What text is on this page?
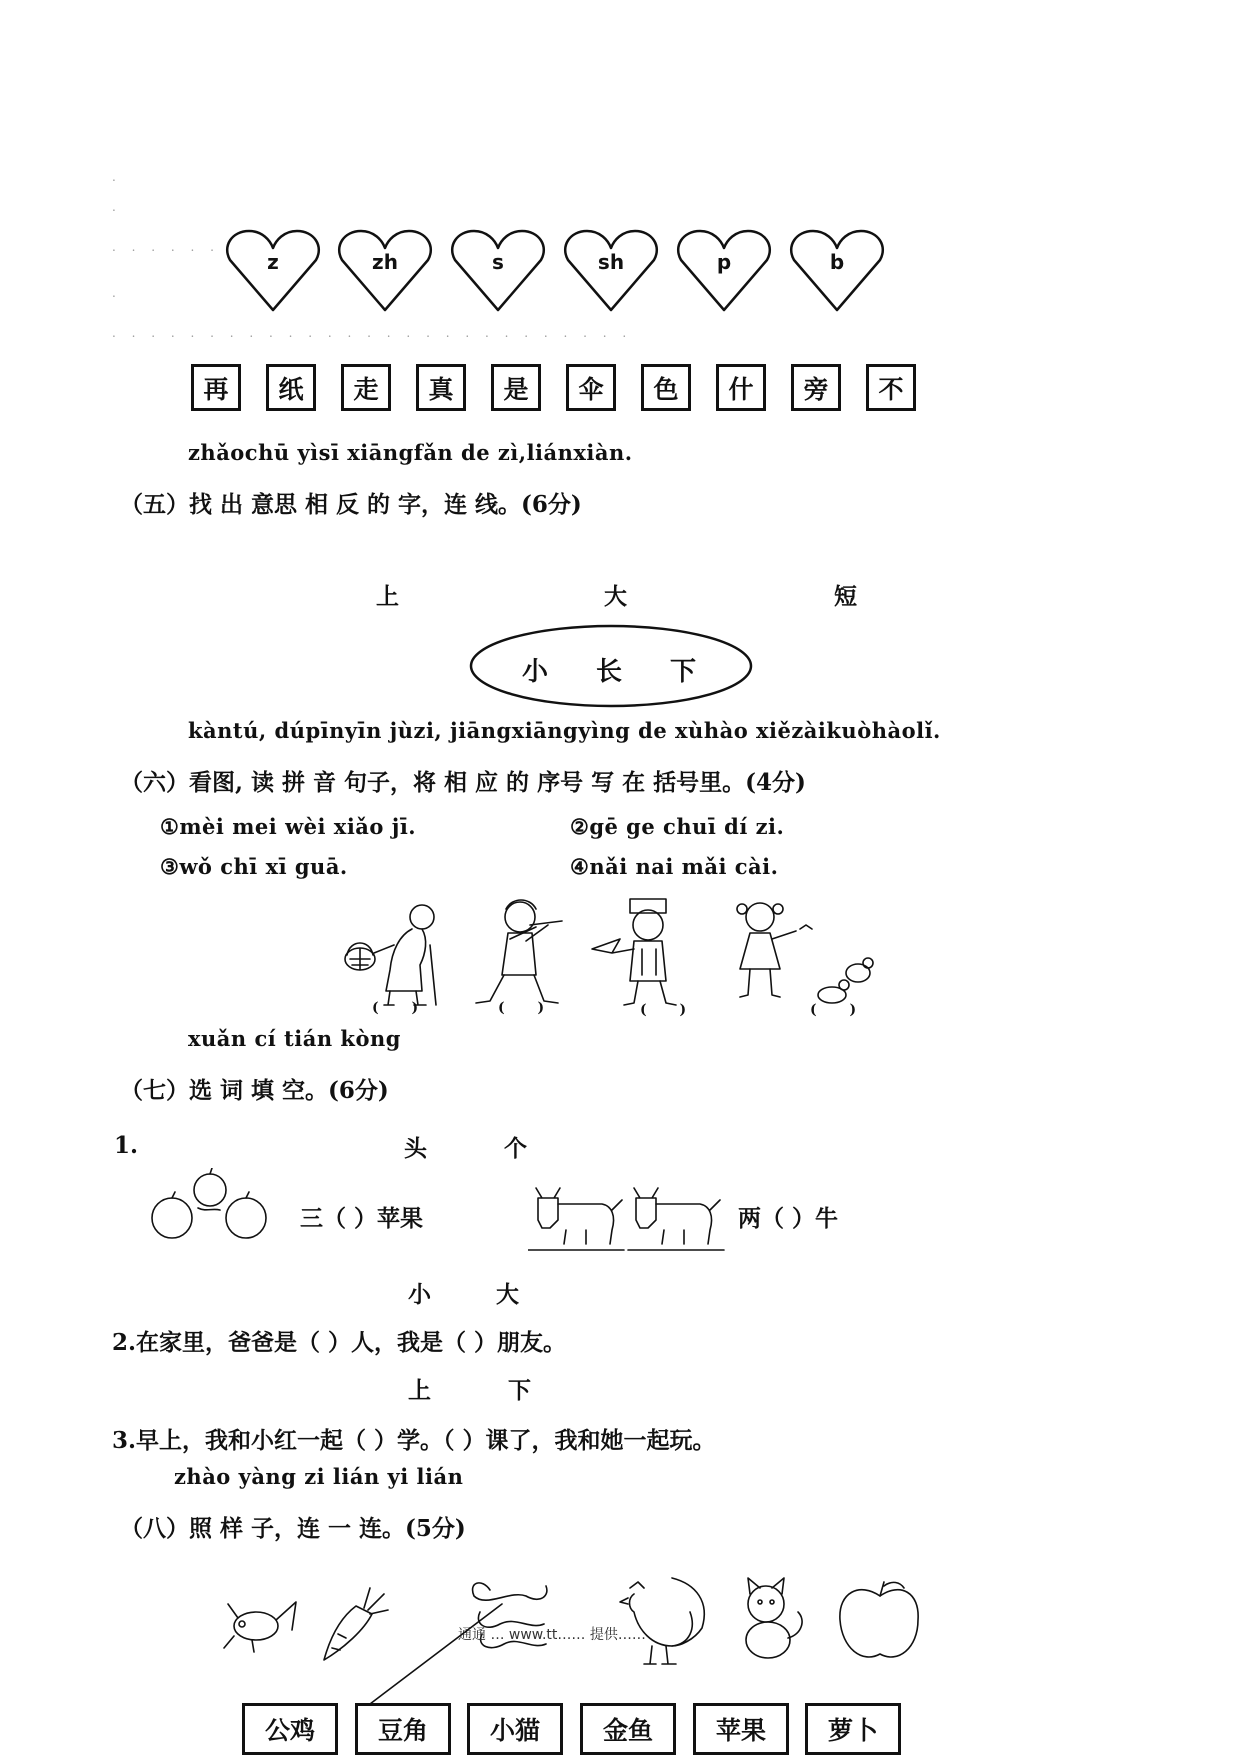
.
.
. . . . . .
.
. . . . . . . . . . . . . . . . . . . . . . . . . . .
z	zh	s	sh	p	b
再	纸	走	真	是	伞	色	什	旁	不
zhǎochū yìsī xiāngfǎn de zì,liánxiàn.
（五）找 出 意思 相 反 的 字，连 线。(6分)
上	大	短
小 长 下
kàntú, dúpīnyīn jùzi, jiāngxiāngyìng de xùhào xiězàikuòhàolǐ.
（六）看图, 读 拼 音 句子，将 相 应 的 序号 写 在 括号里。(4分)
①mèi mei wèi xiǎo jī.	②gē ge chuī dí zi.
③wǒ chī xī guā.	④nǎi nai mǎi cài.
( )	( )	( )	( )
xuǎn cí tián kòng
（七）选 词 填 空。(6分)
1.	头	个
三（ ）苹果	两（ ）牛
小	大
2.在家里，爸爸是（ ）人，我是（ ）朋友。
上	下
3.早上，我和小红一起（ ）学。（ ）课了，我和她一起玩。
zhào yàng zi lián yi lián
（八）照 样 子，连 一 连。(5分)
通通 … www.tt…… 提供……
公鸡	豆角	小猫	金鱼	苹果	萝卜
